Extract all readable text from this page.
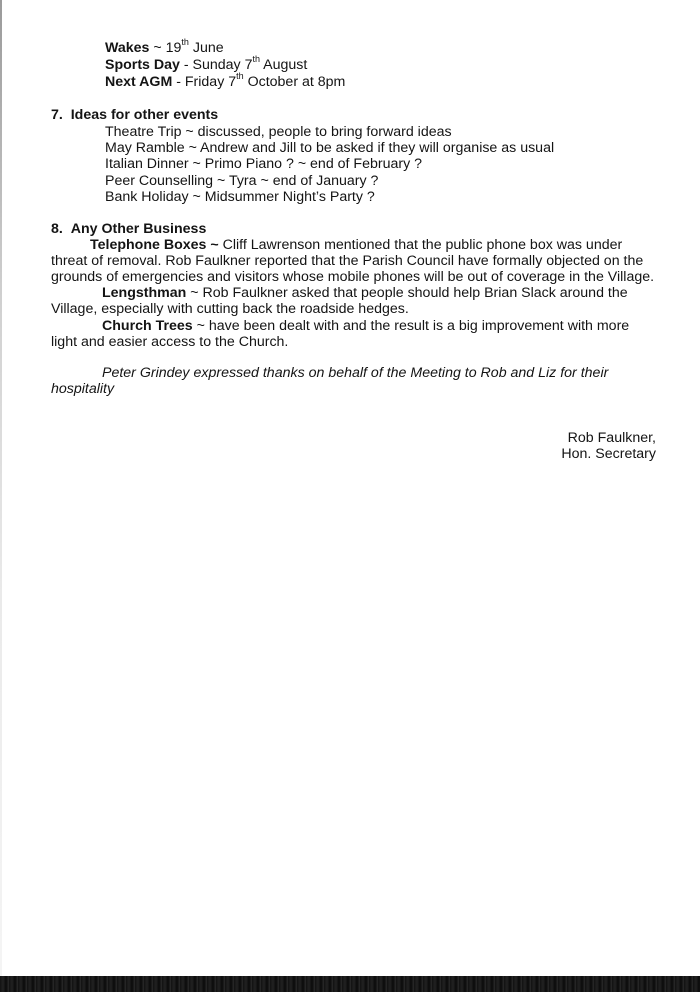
Wakes ~ 19th June
Sports Day - Sunday 7th August
Next AGM - Friday 7th October at 8pm
7. Ideas for other events
Theatre Trip ~ discussed, people to bring forward ideas
May Ramble ~ Andrew and Jill to be asked if they will organise as usual
Italian Dinner ~ Primo Piano ? ~ end of February ?
Peer Counselling ~ Tyra ~ end of January ?
Bank Holiday ~ Midsummer Night’s Party ?
8. Any Other Business
Telephone Boxes ~ Cliff Lawrenson mentioned that the public phone box was under
threat of removal. Rob Faulkner reported that the Parish Council have formally objected on the
grounds of emergencies and visitors whose mobile phones will be out of coverage in the Village.
Lengsthman ~ Rob Faulkner asked that people should help Brian Slack around the
Village, especially with cutting back the roadside hedges.
Church Trees ~ have been dealt with and the result is a big improvement with more
light and easier access to the Church.
Peter Grindey expressed thanks on behalf of the Meeting to Rob and Liz for their
hospitality
Rob Faulkner,
Hon. Secretary
